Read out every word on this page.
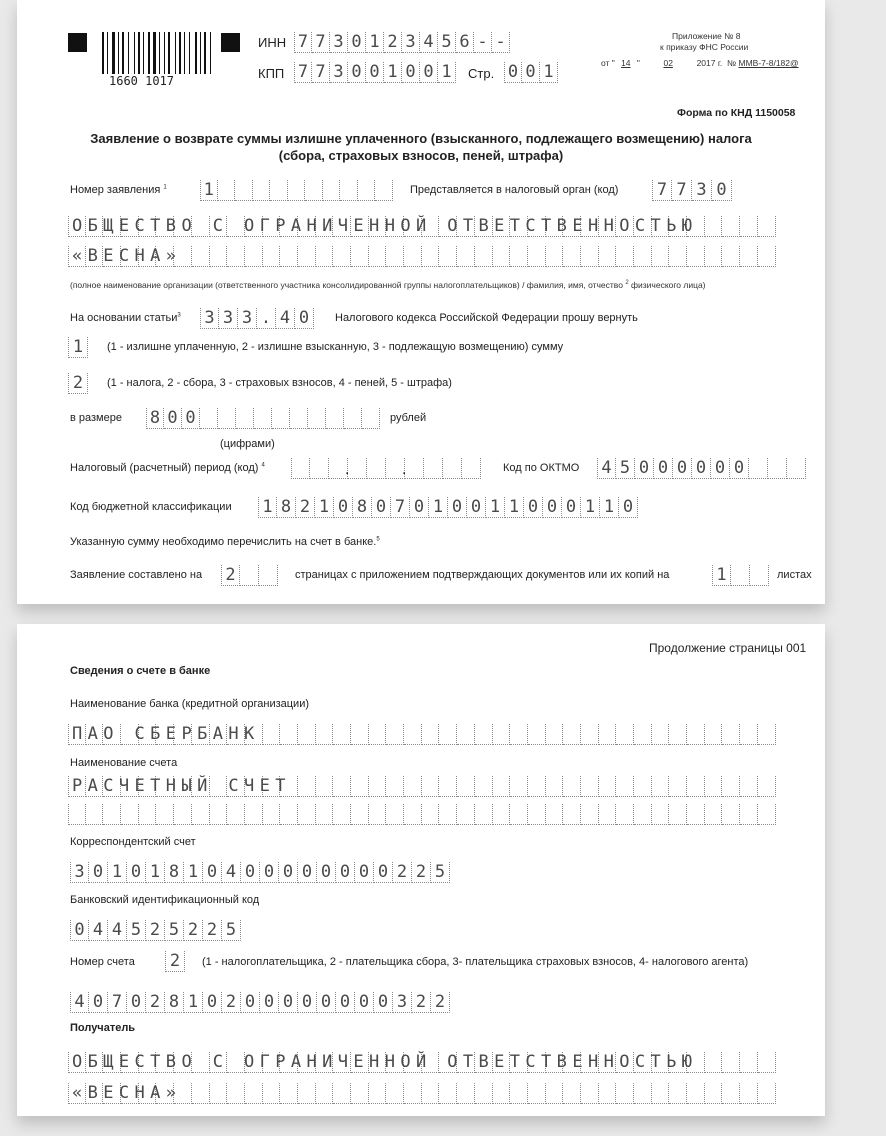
1660 1017
ИНН 7 7 3 0 1 2 3 4 5 6 - -
КПП 7 7 3 0 0 1 0 0 1	Стр. 0 0 1
Приложение № 8
к приказу ФНС России
от " 14 "	02	2017 г. № ММВ-7-8/182@
Форма по КНД 1150058
Заявление о возврате суммы излишне уплаченного (взысканного, подлежащего возмещению) налога
(сбора, страховых взносов, пеней, штрафа)
Номер заявления $^1$ 1	Представляется в налоговый орган (код) 7 7 3 0
ОБЩЕСТВО С ОГРАНИЧЕННОЙ ОТВЕТСТВЕННОСТЬЮ
«ВЕСНА»
(полное наименование организации (ответственного участника консолидированной группы налогоплательщиков) / фамилия, имя, отчество $^2$ физического лица)
На основании статьи$^3$ 3 3 3 . 4 0	Налогового кодекса Российской Федерации прошу вернуть
1	(1 - излишне уплаченную, 2 - излишне взысканную, 3 - подлежащую возмещению) сумму
2	(1 - налога, 2 - сбора, 3 - страховых взносов, 4 - пеней, 5 - штрафа)
в размере 8 0 0	рублей
(цифрами)
Налоговый (расчетный) период (код) $^4$	.	.	Код по ОКТМО 4 5 0 0 0 0 0 0
Код бюджетной классификации 1 8 2 1 0 8 0 7 0 1 0 0 1 1 0 0 0 1 1 0
Указанную сумму необходимо перечислить на счет в банке.$^5$
Заявление составлено на 2	страницах с приложением подтверждающих документов или их копий на	1	листах
Продолжение страницы 001
Сведения о счете в банке
Наименование банка (кредитной организации)
ПАО СБЕРБАНК
Наименование счета
РАСЧЕТНЫЙ СЧЕТ
Корреспондентский счет
3 0 1 0 1 8 1 0 4 0 0 0 0 0 0 0 0 2 2 5
Банковский идентификационный код
0 4 4 5 2 5 2 2 5
Номер счета 2	(1 - налогоплательщика, 2 - плательщика сбора, 3- плательщика страховых взносов, 4- налогового агента)
4 0 7 0 2 8 1 0 2 0 0 0 0 0 0 0 0 3 2 2
Получатель
ОБЩЕСТВО С ОГРАНИЧЕННОЙ ОТВЕТСТВЕННОСТЬЮ
«ВЕСНА»
